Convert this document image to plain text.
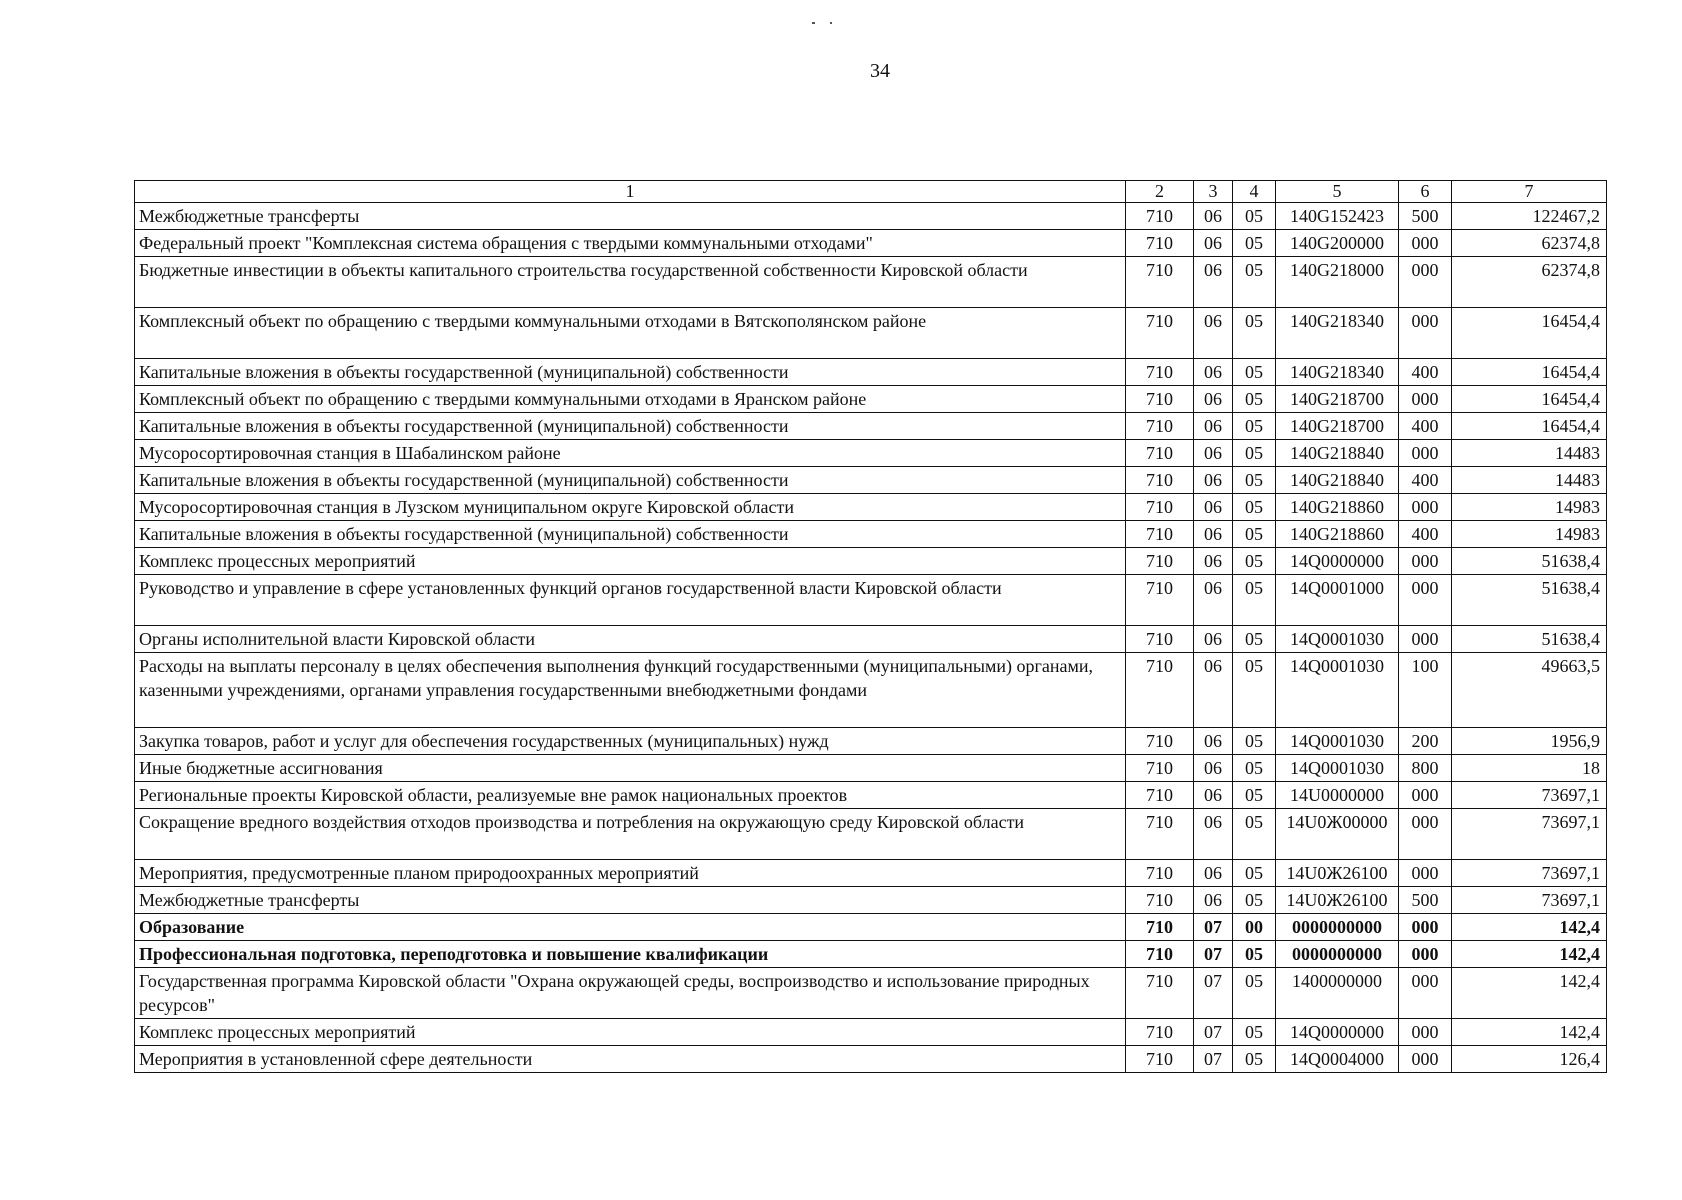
34
1	2	3	4	5	6	7
Межбюджетные трансферты	710	06	05	140G152423	500	122467,2
Федеральный проект "Комплексная система обращения с твердыми коммунальными отходами"	710	06	05	140G200000	000	62374,8
Бюджетные инвестиции в объекты капитального строительства государственной собственности Кировской области	710	06	05	140G218000	000	62374,8
Комплексный объект по обращению с твердыми коммунальными отходами в Вятскополянском районе	710	06	05	140G218340	000	16454,4
Капитальные вложения в объекты государственной (муниципальной) собственности	710	06	05	140G218340	400	16454,4
Комплексный объект по обращению с твердыми коммунальными отходами в Яранском районе	710	06	05	140G218700	000	16454,4
Капитальные вложения в объекты государственной (муниципальной) собственности	710	06	05	140G218700	400	16454,4
Мусоросортировочная станция в Шабалинском районе	710	06	05	140G218840	000	14483
Капитальные вложения в объекты государственной (муниципальной) собственности	710	06	05	140G218840	400	14483
Мусоросортировочная станция в Лузском муниципальном округе Кировской области	710	06	05	140G218860	000	14983
Капитальные вложения в объекты государственной (муниципальной) собственности	710	06	05	140G218860	400	14983
Комплекс процессных мероприятий	710	06	05	14Q0000000	000	51638,4
Руководство и управление в сфере установленных функций органов государственной власти Кировской области	710	06	05	14Q0001000	000	51638,4
Органы исполнительной власти Кировской области	710	06	05	14Q0001030	000	51638,4
Расходы на выплаты персоналу в целях обеспечения выполнения функций государственными (муниципальными) органами, казенными учреждениями, органами управления государственными внебюджетными фондами	710	06	05	14Q0001030	100	49663,5
Закупка товаров, работ и услуг для обеспечения государственных (муниципальных) нужд	710	06	05	14Q0001030	200	1956,9
Иные бюджетные ассигнования	710	06	05	14Q0001030	800	18
Региональные проекты Кировской области, реализуемые вне рамок национальных проектов	710	06	05	14U0000000	000	73697,1
Сокращение вредного воздействия отходов производства и потребления на окружающую среду Кировской области	710	06	05	14U0Ж00000	000	73697,1
Мероприятия, предусмотренные планом природоохранных мероприятий	710	06	05	14U0Ж26100	000	73697,1
Межбюджетные трансферты	710	06	05	14U0Ж26100	500	73697,1
Образование	710	07	00	0000000000	000	142,4
Профессиональная подготовка, переподготовка и повышение квалификации	710	07	05	0000000000	000	142,4
Государственная программа Кировской области "Охрана окружающей среды, воспроизводство и использование природных ресурсов"	710	07	05	1400000000	000	142,4
Комплекс процессных мероприятий	710	07	05	14Q0000000	000	142,4
Мероприятия в установленной сфере деятельности	710	07	05	14Q0004000	000	126,4
